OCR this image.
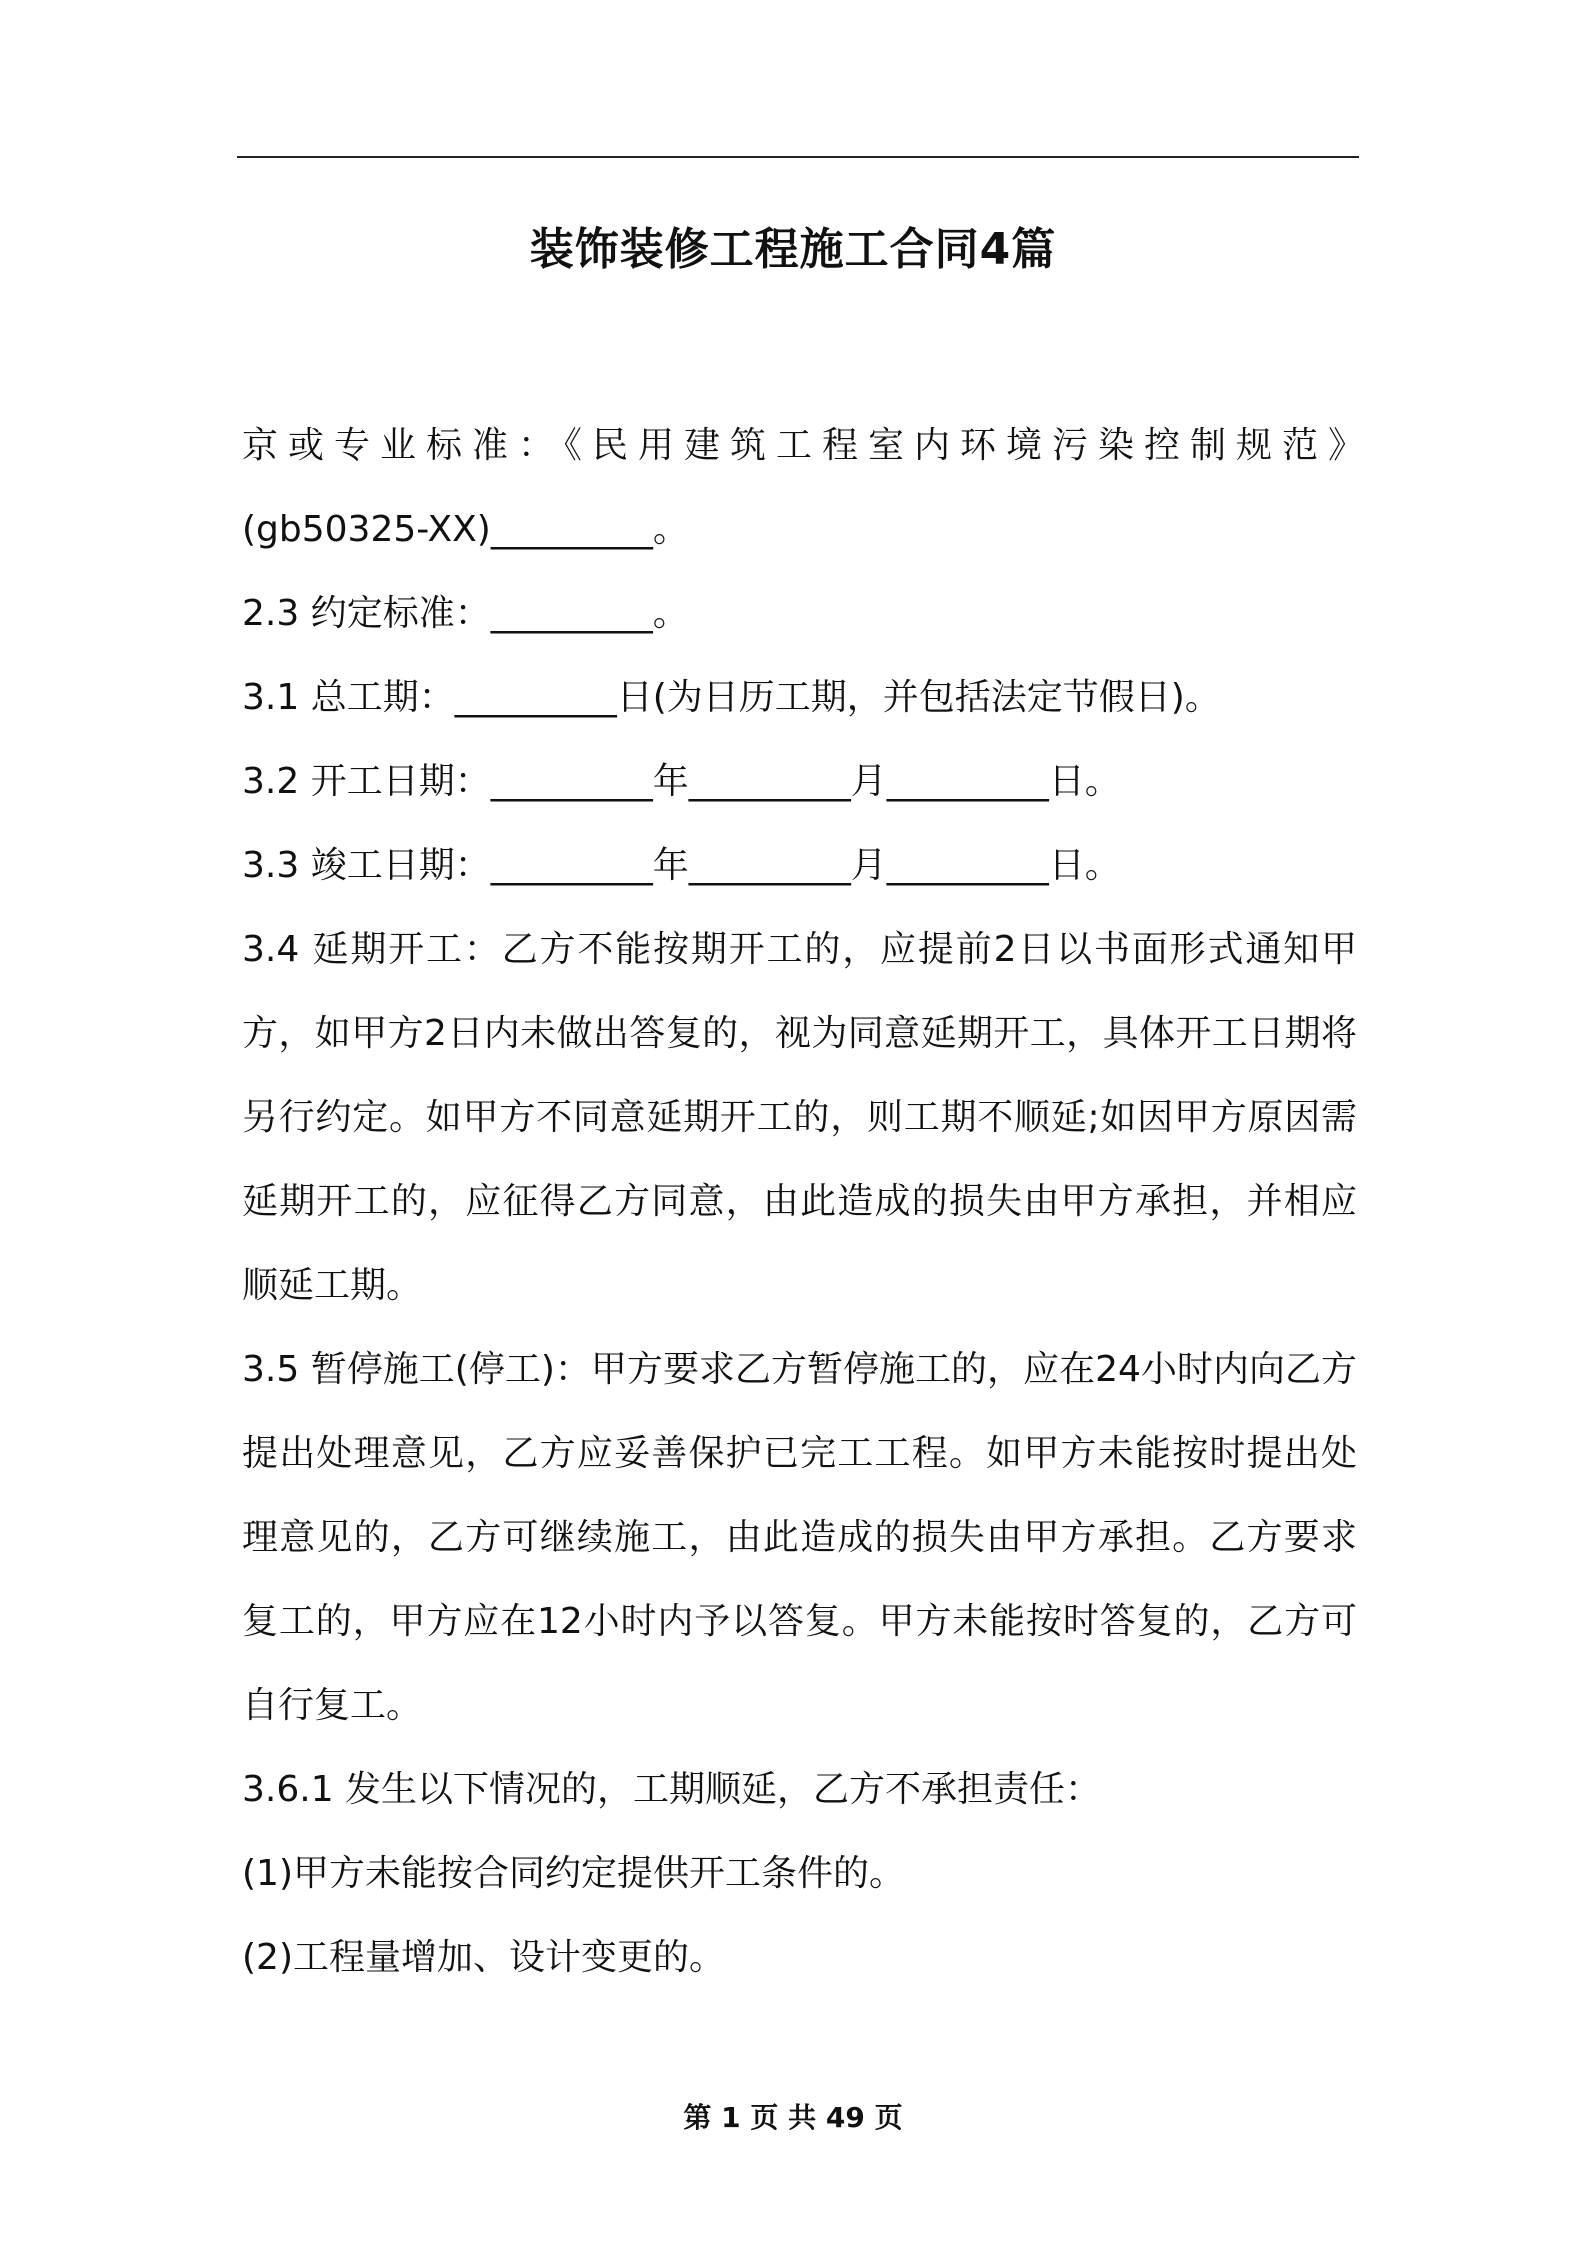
装饰装修工程施工合同4篇

京或专业标准：《民用建筑工程室内环境污染控制规范》

(gb50325-XX)_________。

2.3 约定标准：_________。

3.1 总工期：_________日(为日历工期，并包括法定节假日)。

3.2 开工日期：_________年_________月_________日。

3.3 竣工日期：_________年_________月_________日。

3.4 延期开工：乙方不能按期开工的，应提前2日以书面形式通知甲方，如甲方2日内未做出答复的，视为同意延期开工，具体开工日期将另行约定。如甲方不同意延期开工的，则工期不顺延;如因甲方原因需延期开工的，应征得乙方同意，由此造成的损失由甲方承担，并相应顺延工期。

3.5 暂停施工(停工)：甲方要求乙方暂停施工的，应在24小时内向乙方提出处理意见，乙方应妥善保护已完工工程。如甲方未能按时提出处理意见的，乙方可继续施工，由此造成的损失由甲方承担。乙方要求复工的，甲方应在12小时内予以答复。甲方未能按时答复的，乙方可自行复工。

3.6.1 发生以下情况的，工期顺延，乙方不承担责任：

(1)甲方未能按合同约定提供开工条件的。

(2)工程量增加、设计变更的。

第 1 页 共 49 页
